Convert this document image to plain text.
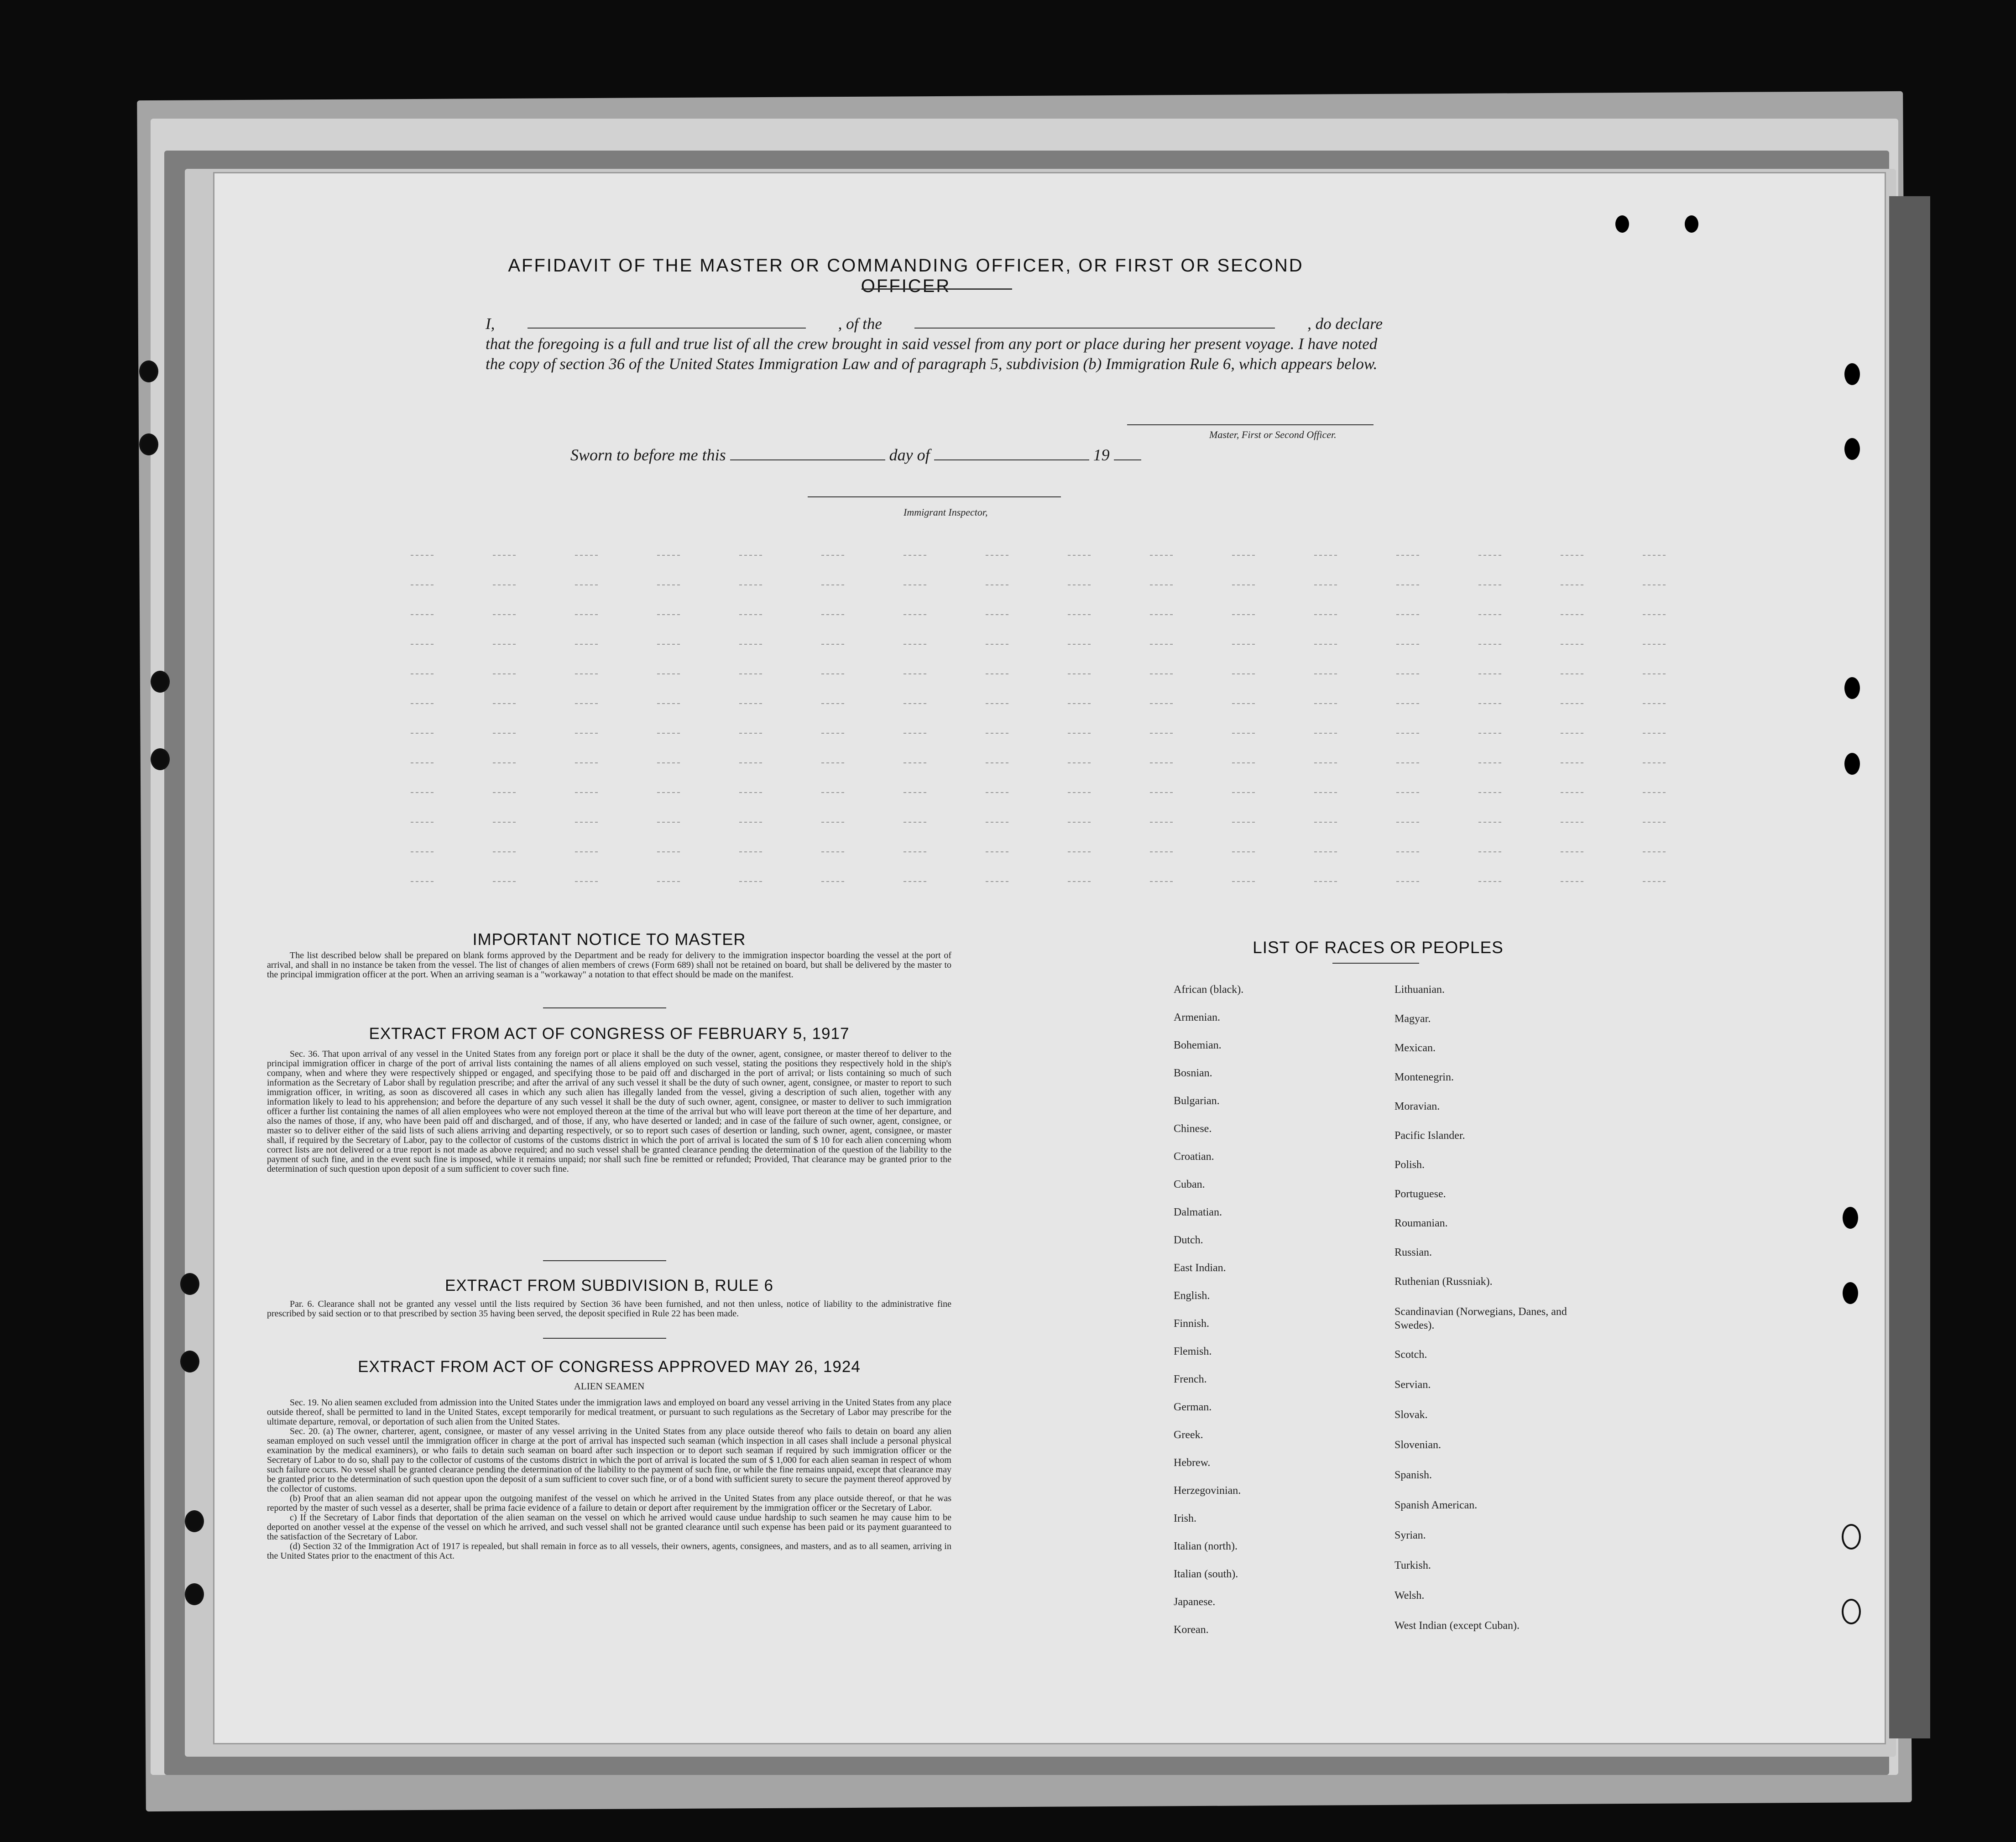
AFFIDAVIT OF THE MASTER OR COMMANDING OFFICER, OR FIRST OR SECOND OFFICER
I,	, of the	, do declare
that the foregoing is a full and true list of all the crew brought in said vessel from any port or place during her present voyage. I have noted the copy of section 36 of the United States Immigration Law and of paragraph 5, subdivision (b) Immigration Rule 6, which appears below.
Master, First or Second Officer.
Sworn to before me this	day of	19
Immigrant Inspector,
IMPORTANT NOTICE TO MASTER

The list described below shall be prepared on blank forms approved by the Department and be ready for delivery to the immigration inspector boarding the vessel at the port of arrival, and shall in no instance be taken from the vessel. The list of changes of alien members of crews (Form 689) shall not be retained on board, but shall be delivered by the master to the principal immigration officer at the port. When an arriving seaman is a "workaway" a notation to that effect should be made on the manifest.

EXTRACT FROM ACT OF CONGRESS OF FEBRUARY 5, 1917

Sec. 36. That upon arrival of any vessel in the United States from any foreign port or place it shall be the duty of the owner, agent, consignee, or master thereof to deliver to the principal immigration officer in charge of the port of arrival lists containing the names of all aliens employed on such vessel, stating the positions they respectively hold in the ship's company, when and where they were respectively shipped or engaged, and specifying those to be paid off and discharged in the port of arrival; or lists containing so much of such information as the Secretary of Labor shall by regulation prescribe; and after the arrival of any such vessel it shall be the duty of such owner, agent, consignee, or master to report to such immigration officer, in writing, as soon as discovered all cases in which any such alien has illegally landed from the vessel, giving a description of such alien, together with any information likely to lead to his apprehension; and before the departure of any such vessel it shall be the duty of such owner, agent, consignee, or master to deliver to such immigration officer a further list containing the names of all alien employees who were not employed thereon at the time of the arrival but who will leave port thereon at the time of her departure, and also the names of those, if any, who have been paid off and discharged, and of those, if any, who have deserted or landed; and in case of the failure of such owner, agent, consignee, or master so to deliver either of the said lists of such aliens arriving and departing respectively, or so to report such cases of desertion or landing, such owner, agent, consignee, or master shall, if required by the Secretary of Labor, pay to the collector of customs of the customs district in which the port of arrival is located the sum of $ 10 for each alien concerning whom correct lists are not delivered or a true report is not made as above required; and no such vessel shall be granted clearance pending the determination of the question of the liability to the payment of such fine, and in the event such fine is imposed, while it remains unpaid; nor shall such fine be remitted or refunded; Provided, That clearance may be granted prior to the determination of such question upon deposit of a sum sufficient to cover such fine.

EXTRACT FROM SUBDIVISION B, RULE 6

Par. 6. Clearance shall not be granted any vessel until the lists required by Section 36 have been furnished, and not then unless, notice of liability to the administrative fine prescribed by said section or to that prescribed by section 35 having been served, the deposit specified in Rule 22 has been made.

EXTRACT FROM ACT OF CONGRESS APPROVED MAY 26, 1924
ALIEN SEAMEN

Sec. 19. No alien seamen excluded from admission into the United States under the immigration laws and employed on board any vessel arriving in the United States from any place outside thereof, shall be permitted to land in the United States, except temporarily for medical treatment, or pursuant to such regulations as the Secretary of Labor may prescribe for the ultimate departure, removal, or deportation of such alien from the United States.

Sec. 20. (a) The owner, charterer, agent, consignee, or master of any vessel arriving in the United States from any place outside thereof who fails to detain on board any alien seaman employed on such vessel until the immigration officer in charge at the port of arrival has inspected such seaman (which inspection in all cases shall include a personal physical examination by the medical examiners), or who fails to detain such seaman on board after such inspection or to deport such seaman if required by such immigration officer or the Secretary of Labor to do so, shall pay to the collector of customs of the customs district in which the port of arrival is located the sum of $ 1,000 for each alien seaman in respect of whom such failure occurs. No vessel shall be granted clearance pending the determination of the liability to the payment of such fine, or while the fine remains unpaid, except that clearance may be granted prior to the determination of such question upon the deposit of a sum sufficient to cover such fine, or of a bond with sufficient surety to secure the payment thereof approved by the collector of customs.

(b) Proof that an alien seaman did not appear upon the outgoing manifest of the vessel on which he arrived in the United States from any place outside thereof, or that he was reported by the master of such vessel as a deserter, shall be prima facie evidence of a failure to detain or deport after requirement by the immigration officer or the Secretary of Labor.

c) If the Secretary of Labor finds that deportation of the alien seaman on the vessel on which he arrived would cause undue hardship to such seamen he may cause him to be deported on another vessel at the expense of the vessel on which he arrived, and such vessel shall not be granted clearance until such expense has been paid or its payment guaranteed to the satisfaction of the Secretary of Labor.

(d) Section 32 of the Immigration Act of 1917 is repealed, but shall remain in force as to all vessels, their owners, agents, consignees, and masters, and as to all seamen, arriving in the United States prior to the enactment of this Act.

LIST OF RACES OR PEOPLES
African (black).
Armenian.
Bohemian.
Bosnian.
Bulgarian.
Chinese.
Croatian.
Cuban.
Dalmatian.
Dutch.
East Indian.
English.
Finnish.
Flemish.
French.
German.
Greek.
Hebrew.
Herzegovinian.
Irish.
Italian (north).
Italian (south).
Japanese.
Korean.
Lithuanian.
Magyar.
Mexican.
Montenegrin.
Moravian.
Pacific Islander.
Polish.
Portuguese.
Roumanian.
Russian.
Ruthenian (Russniak).
Scandinavian (Norwegians, Danes, and Swedes).
Scotch.
Servian.
Slovak.
Slovenian.
Spanish.
Spanish American.
Syrian.
Turkish.
Welsh.
West Indian (except Cuban).
